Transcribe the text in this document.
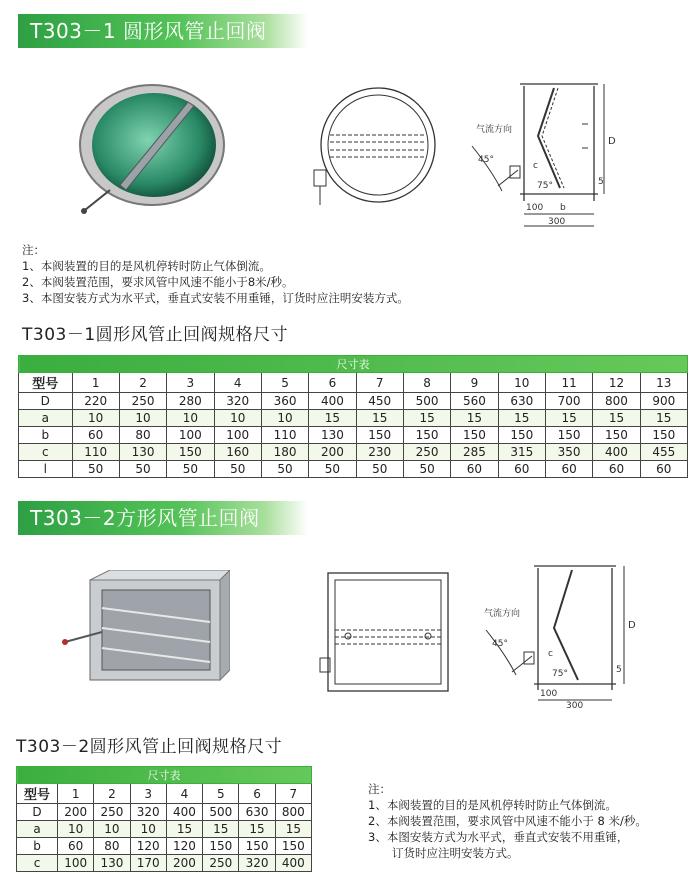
T303－1 圆形风管止回阀
气流方向
45°
75°
D
c
b
5
100
300
注：
1、本阀装置的目的是风机停转时防止气体倒流。
2、本阀装置范围，要求风管中风速不能小于8米/秒。
3、本图安装方式为水平式，垂直式安装不用重锤，订货时应注明安装方式。
T303－1圆形风管止回阀规格尺寸
尺寸表													
型号	1	2	3	4	5	6	7	8	9	10	11	12	13
D	220	250	280	320	360	400	450	500	560	630	700	800	900
a	10	10	10	10	10	15	15	15	15	15	15	15	15
b	60	80	100	100	110	130	150	150	150	150	150	150	150
c	110	130	150	160	180	200	230	250	285	315	350	400	455
l	50	50	50	50	50	50	50	50	60	60	60	60	60
T303－2方形风管止回阀
气流方向
45°
75°
D
c
5
100
300
T303－2圆形风管止回阀规格尺寸
尺寸表							
型号	1	2	3	4	5	6	7
D	200	250	320	400	500	630	800
a	10	10	10	15	15	15	15
b	60	80	120	120	150	150	150
c	100	130	170	200	250	320	400
注：
1、本阀装置的目的是风机停转时防止气体倒流。
2、本阀装置范围，要求风管中风速不能小于 8 米/秒。
3、本图安装方式为水平式，垂直式安装不用重锤，
订货时应注明安装方式。
